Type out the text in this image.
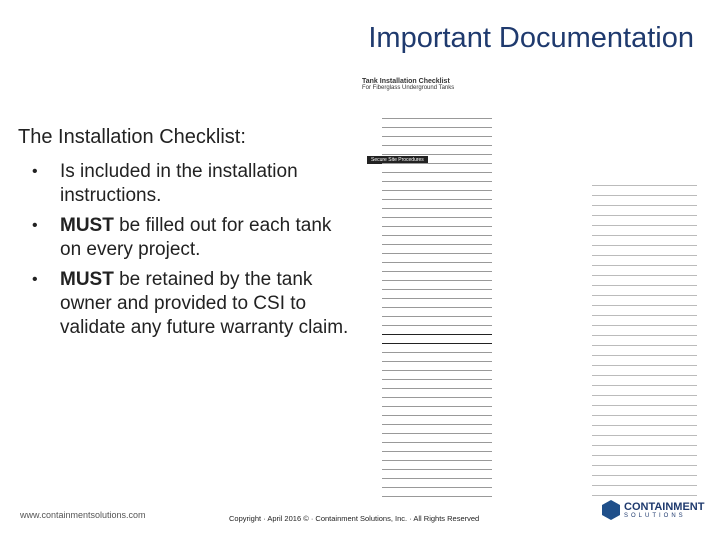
Important Documentation
The Installation Checklist:
• Is included in the installation instructions.
• MUST be filled out for each tank on every project.
• MUST be retained by the tank owner and provided to CSI to validate any future warranty claim.
Tank Installation Checklist
For Fiberglass Underground Tanks
Secure Site Procedures
www.containmentsolutions.com	Copyright · April 2016 © · Containment Solutions, Inc. · All Rights Reserved
CONTAINMENT
SOLUTIONS
